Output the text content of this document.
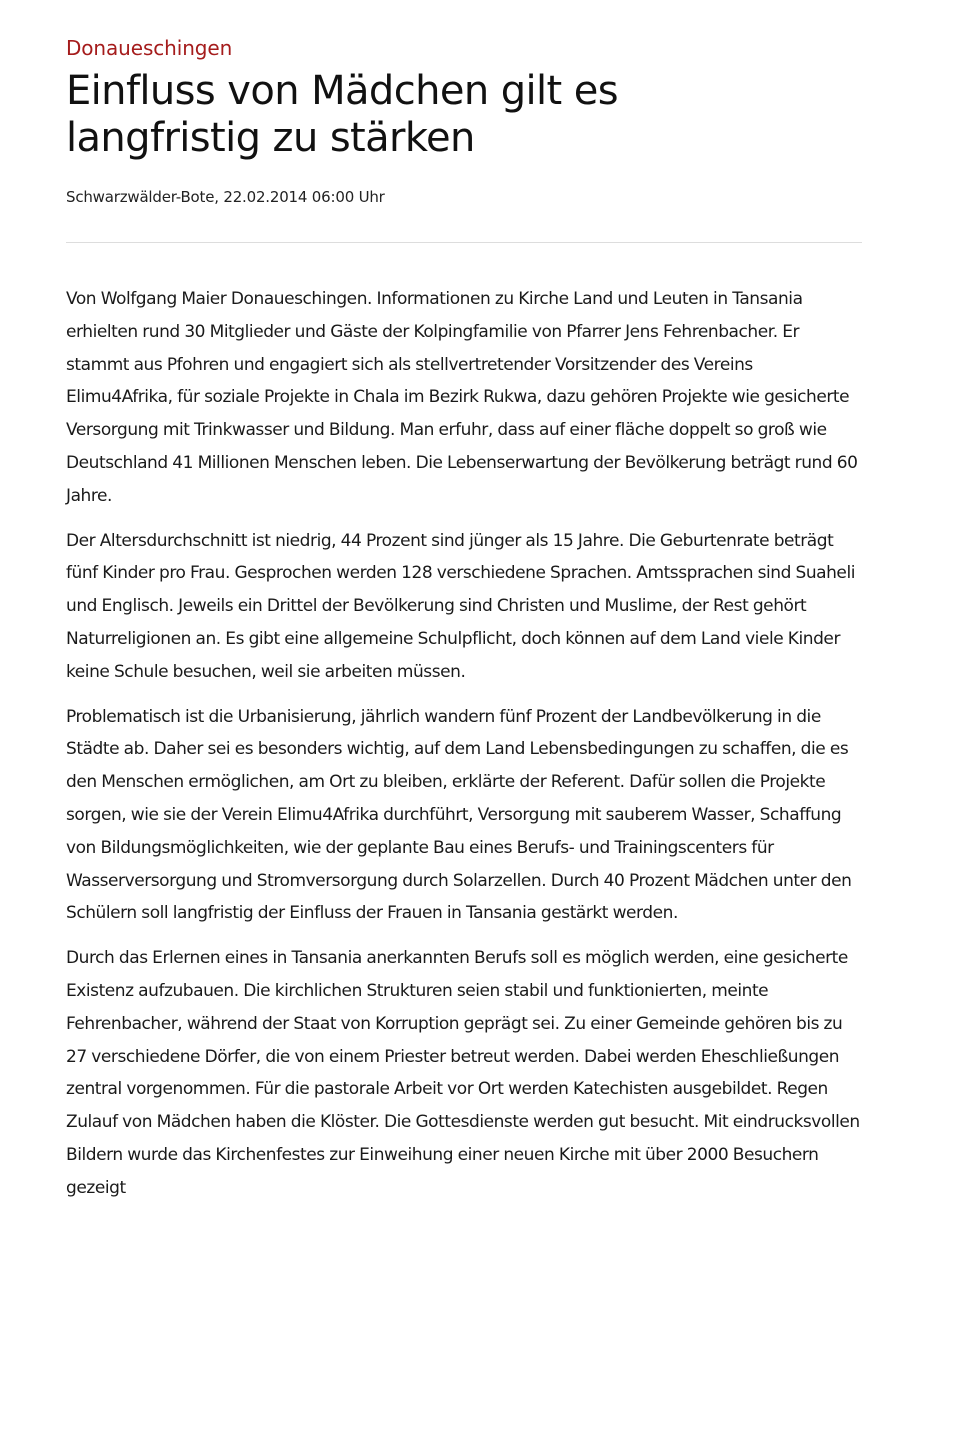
Donaueschingen

Einfluss von Mädchen gilt es langfristig zu stärken

Schwarzwälder-Bote, 22.02.2014 06:00 Uhr

Von Wolfgang Maier Donaueschingen. Informationen zu Kirche Land und Leuten in Tansania erhielten rund 30 Mitglieder und Gäste der Kolpingfamilie von Pfarrer Jens Fehrenbacher. Er stammt aus Pfohren und engagiert sich als stellvertretender Vorsitzender des Vereins Elimu4Afrika, für soziale Projekte in Chala im Bezirk Rukwa, dazu gehören Projekte wie gesicherte Versorgung mit Trinkwasser und Bildung. Man erfuhr, dass auf einer fläche doppelt so groß wie Deutschland 41 Millionen Menschen leben. Die Lebenserwartung der Bevölkerung beträgt rund 60 Jahre.

Der Altersdurchschnitt ist niedrig, 44 Prozent sind jünger als 15 Jahre. Die Geburtenrate beträgt fünf Kinder pro Frau. Gesprochen werden 128 verschiedene Sprachen. Amtssprachen sind Suaheli und Englisch. Jeweils ein Drittel der Bevölkerung sind Christen und Muslime, der Rest gehört Naturreligionen an. Es gibt eine allgemeine Schulpflicht, doch können auf dem Land viele Kinder keine Schule besuchen, weil sie arbeiten müssen.

Problematisch ist die Urbanisierung, jährlich wandern fünf Prozent der Landbevölkerung in die Städte ab. Daher sei es besonders wichtig, auf dem Land Lebensbedingungen zu schaffen, die es den Menschen ermöglichen, am Ort zu bleiben, erklärte der Referent. Dafür sollen die Projekte sorgen, wie sie der Verein Elimu4Afrika durchführt, Versorgung mit sauberem Wasser, Schaffung von Bildungsmöglichkeiten, wie der geplante Bau eines Berufs- und Trainingscenters für Wasserversorgung und Stromversorgung durch Solarzellen. Durch 40 Prozent Mädchen unter den Schülern soll langfristig der Einfluss der Frauen in Tansania gestärkt werden.

Durch das Erlernen eines in Tansania anerkannten Berufs soll es möglich werden, eine gesicherte Existenz aufzubauen. Die kirchlichen Strukturen seien stabil und funktionierten, meinte Fehrenbacher, während der Staat von Korruption geprägt sei. Zu einer Gemeinde gehören bis zu 27 verschiedene Dörfer, die von einem Priester betreut werden. Dabei werden Eheschließungen zentral vorgenommen. Für die pastorale Arbeit vor Ort werden Katechisten ausgebildet. Regen Zulauf von Mädchen haben die Klöster. Die Gottesdienste werden gut besucht. Mit eindrucksvollen Bildern wurde das Kirchenfestes zur Einweihung einer neuen Kirche mit über 2000 Besuchern gezeigt
